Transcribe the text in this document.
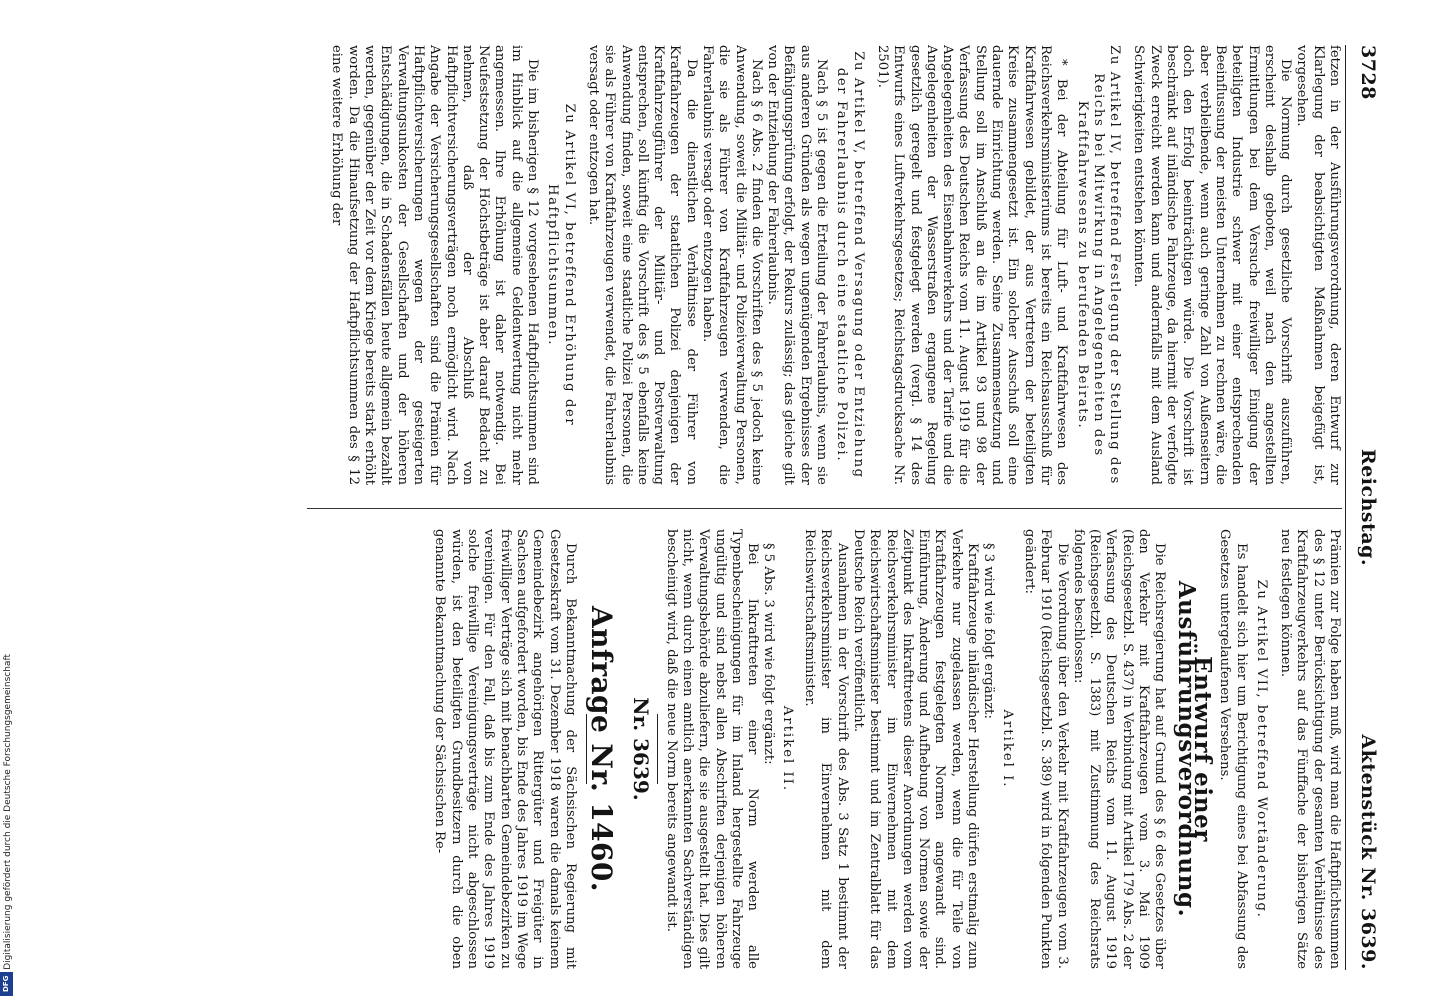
Digitalisierung gefördert durch die Deutsche Forschungsgemeinschaft
DFG
3728
Reichstag.
Aktenstück Nr. 3639.

fetzen in der Ausführungsverordnung, deren Entwurf zur Klarlegung der beabsichtigten Maßnahmen beigefügt ist, vorgesehen.

Die Normung durch gesetzliche Vorschrift auszuführen, erscheint deshalb geboten, weil nach den angestellten Ermittlungen bei dem Versuche freiwilliger Einigung der beteiligten Industrie schwer mit einer entsprechenden Beeinflussung der meisten Unternehmen zu rechnen wäre, die aber verbleibende, wenn auch geringe Zahl von Außenseitern doch den Erfolg beeinträchtigen würde. Die Vorschrift ist beschränkt auf inländische Fahrzeuge, da hiermit der verfolgte Zweck erreicht werden kann und andernfalls mit dem Ausland Schwierigkeiten entstehen könnten.

Zu Artikel IV, betreffend Festlegung der Stellung des Reichs bei Mitwirkung in Angelegenheiten des Kraftfahrwesens zu berufenden Beirats.

* Bei der Abteilung für Luft- und Kraftfahrwesen des Reichsverkehrsministeriums ist bereits ein Reichsausschuß für Kraftfahrwesen gebildet, der aus Vertretern der beteiligten Kreise zusammengesetzt ist. Ein solcher Ausschuß soll eine dauernde Einrichtung werden. Seine Zusammensetzung und Stellung soll im Anschluß an die im Artikel 93 und 98 der Verfassung des Deutschen Reichs vom 11. August 1919 für die Angelegenheiten des Eisenbahnverkehrs und der Tarife und die Angelegenheiten der Wasserstraßen ergangene Regelung gesetzlich geregelt und festgelegt werden (vergl. § 14 des Entwurfs eines Luftverkehrsgesetzes; Reichstagsdrucksache Nr. 2501).

Zu Artikel V, betreffend Versagung oder Entziehung der Fahrerlaubnis durch eine staatliche Polizei.

Nach § 5 ist gegen die Erteilung der Fahrerlaubnis, wenn sie aus anderen Gründen als wegen ungenügenden Ergebnisses der Befähigungsprüfung erfolgt, der Rekurs zulässig; das gleiche gilt von der Entziehung der Fahrerlaubnis.

Nach § 6 Abs. 2 finden die Vorschriften des § 5 jedoch keine Anwendung, soweit die Militär- und Polizeiverwaltung Personen, die sie als Führer von Kraftfahrzeugen verwenden, die Fahrerlaubnis versagt oder entzogen haben.

Da die dienstlichen Verhältnisse der Führer von Kraftfahrzeugen der staatlichen Polizei denjenigen der Kraftfahrzeugführer der Militär- und Postverwaltung entsprechen, soll künftig die Vorschrift des § 5 ebenfalls keine Anwendung finden, soweit eine staatliche Polizei Personen, die sie als Führer von Kraftfahrzeugen verwendet, die Fahrerlaubnis versagt oder entzogen hat.

Zu Artikel VI, betreffend Erhöhung der Haftpflichtsummen.

Die im bisherigen § 12 vorgesehenen Haftpflichtsummen sind im Hinblick auf die allgemeine Geldentwertung nicht mehr angemessen. Ihre Erhöhung ist daher notwendig. Bei Neufestsetzung der Höchstbeträge ist aber darauf Bedacht zu nehmen, daß der Abschluß von Haftpflichtversicherungsverträgen noch ermöglicht wird. Nach Angabe der Versicherungsgesellschaften sind die Prämien für Haftpflichtversicherungen wegen der gesteigerten Verwaltungsunkosten der Gesellschaften und der höheren Entschädigungen, die in Schadensfällen heute allgemein bezahlt werden, gegenüber der Zeit vor dem Kriege bereits stark erhöht worden. Da die Hinaufsetzung der Haftpflichtsummen des § 12 eine weitere Erhöhung der

Prämien zur Folge haben muß, wird man die Haftpflichtsummen des § 12 unter Berücksichtigung der gesamten Verhältnisse des Kraftfahrzeugverkehrs auf das Fünffache der bisherigen Sätze neu festlegen können.

Zu Artikel VII, betreffend Wortänderung.

Es handelt sich hier um Berichtigung eines bei Abfassung des Gesetzes untergelaufenen Versehens.

Entwurf einer Ausführungsverordnung.

Die Reichsregierung hat auf Grund des § 6 des Gesetzes über den Verkehr mit Kraftfahrzeugen vom 3. Mai 1909 (Reichsgesetzbl. S. 437) in Verbindung mit Artikel 179 Abs. 2 der Verfassung des Deutschen Reichs vom 11. August 1919 (Reichsgesetzbl. S. 1383) mit Zustimmung des Reichsrats folgendes beschlossen:

Die Verordnung über den Verkehr mit Kraftfahrzeugen vom 3. Februar 1910 (Reichsgesetzbl. S. 389) wird in folgenden Punkten geändert:

Artikel I.

§ 3 wird wie folgt ergänzt:

Kraftfahrzeuge inländischer Herstellung dürfen erstmalig zum Verkehre nur zugelassen werden, wenn die für Teile von Kraftfahrzeugen festgelegten Normen angewandt sind. Einführung, Änderung und Aufhebung von Normen sowie der Zeitpunkt des Inkrafttretens dieser Anordnungen werden vom Reichsverkehrsminister im Einvernehmen mit dem Reichswirtschaftsminister bestimmt und im Zentralblatt für das Deutsche Reich veröffentlicht.

Ausnahmen in der Vorschrift des Abs. 3 Satz 1 bestimmt der Reichsverkehrsminister im Einvernehmen mit dem Reichswirtschaftsminister.

Artikel II.

§ 5 Abs. 3 wird wie folgt ergänzt:

Bei Inkrafttreten einer Norm werden alle Typenbescheinigungen für im Inland hergestellte Fahrzeuge ungültig und sind nebst allen Abschriften derjenigen höheren Verwaltungsbehörde abzuliefern, die sie ausgestellt hat. Dies gilt nicht, wenn durch einen amtlich anerkannten Sachverständigen bescheinigt wird, daß die neue Norm bereits angewandt ist.

Nr. 3639.
Anfrage Nr. 1460.

Durch Bekanntmachung der Sächsischen Regierung mit Gesetzeskraft vom 31. Dezember 1918 waren die damals keinem Gemeindebezirk angehörigen Rittergüter und Freigüter in Sachsen aufgefordert worden, bis Ende des Jahres 1919 im Wege freiwilliger Verträge sich mit benachbarten Gemeindebezirken zu vereinigen. Für den Fall, daß bis zum Ende des Jahres 1919 solche freiwillige Vereinigungsverträge nicht abgeschlossen würden, ist den beteiligten Grundbesitzern durch die oben genannte Bekanntmachung der Sächsischen Re-
